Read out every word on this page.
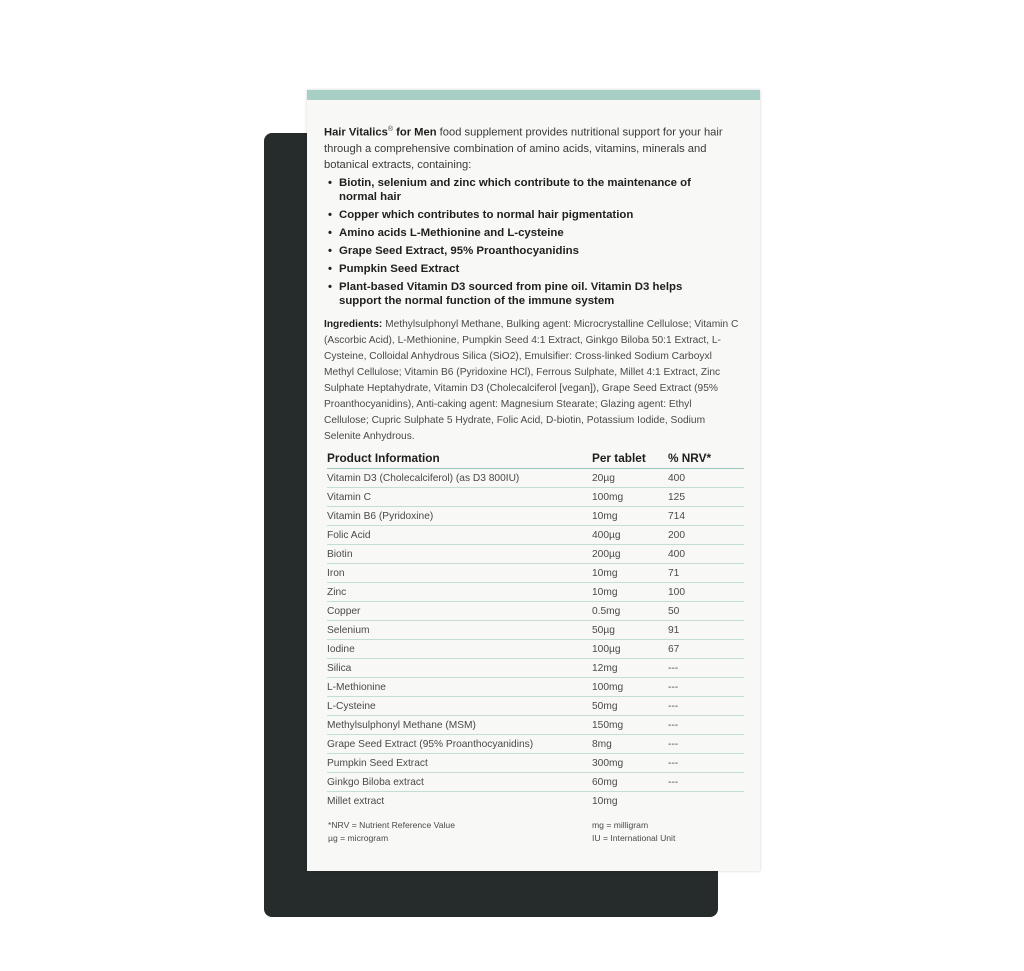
Hair Vitalics® for Men food supplement provides nutritional support for your hair through a comprehensive combination of amino acids, vitamins, minerals and botanical extracts, containing:
• Biotin, selenium and zinc which contribute to the maintenance of normal hair
• Copper which contributes to normal hair pigmentation
• Amino acids L-Methionine and L-cysteine
• Grape Seed Extract, 95% Proanthocyanidins
• Pumpkin Seed Extract
• Plant-based Vitamin D3 sourced from pine oil. Vitamin D3 helps support the normal function of the immune system
Ingredients: Methylsulphonyl Methane, Bulking agent: Microcrystalline Cellulose; Vitamin C (Ascorbic Acid), L-Methionine, Pumpkin Seed 4:1 Extract, Ginkgo Biloba 50:1 Extract, L-Cysteine, Colloidal Anhydrous Silica (SiO2), Emulsifier: Cross-linked Sodium Carboyxl Methyl Cellulose; Vitamin B6 (Pyridoxine HCl), Ferrous Sulphate, Millet 4:1 Extract, Zinc Sulphate Heptahydrate, Vitamin D3 (Cholecalciferol [vegan]), Grape Seed Extract (95% Proanthocyanidins), Anti-caking agent: Magnesium Stearate; Glazing agent: Ethyl Cellulose; Cupric Sulphate 5 Hydrate, Folic Acid, D-biotin, Potassium Iodide, Sodium Selenite Anhydrous.
Product Information	Per tablet	% NRV*
Vitamin D3 (Cholecalciferol) (as D3 800IU)	20µg	400
Vitamin C	100mg	125
Vitamin B6 (Pyridoxine)	10mg	714
Folic Acid	400µg	200
Biotin	200µg	400
Iron	10mg	71
Zinc	10mg	100
Copper	0.5mg	50
Selenium	50µg	91
Iodine	100µg	67
Silica	12mg	---
L-Methionine	100mg	---
L-Cysteine	50mg	---
Methylsulphonyl Methane (MSM)	150mg	---
Grape Seed Extract (95% Proanthocyanidins)	8mg	---
Pumpkin Seed Extract	300mg	---
Ginkgo Biloba extract	60mg	---
Millet extract	10mg	
*NRV = Nutrient Reference Value
µg = microgram
mg = milligram
IU = International Unit
